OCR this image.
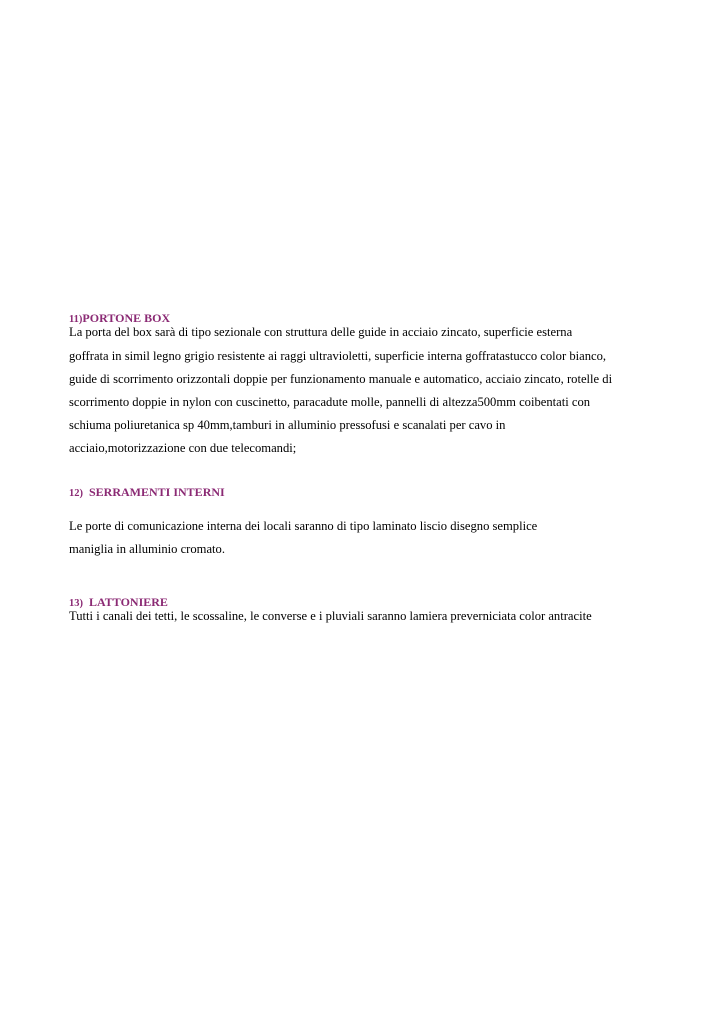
11)PORTONE BOX
La porta del box sarà di tipo sezionale con struttura delle guide in acciaio zincato, superficie esterna
goffrata in simil legno grigio resistente ai raggi ultravioletti, superficie interna goffratastucco color bianco,
guide di scorrimento orizzontali doppie per funzionamento manuale e automatico, acciaio zincato, rotelle di
scorrimento doppie in nylon con cuscinetto, paracadute molle, pannelli di altezza500mm coibentati con
schiuma poliuretanica sp 40mm,tamburi in alluminio pressofusi e scanalati per cavo in
acciaio,motorizzazione con due telecomandi;
12) SERRAMENTI INTERNI
Le porte di comunicazione interna dei locali saranno di tipo laminato liscio disegno semplice
maniglia in alluminio cromato.
13) LATTONIERE
Tutti i canali dei tetti, le scossaline, le converse e i pluviali saranno lamiera preverniciata color antracite
